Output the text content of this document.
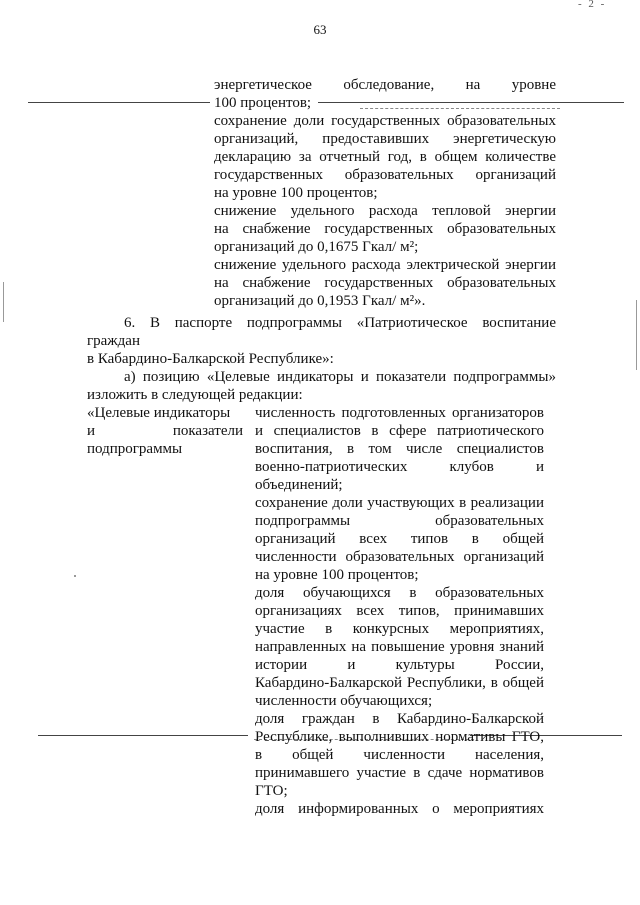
63
- 2 -
энергетическое обследование, на уровне
100 процентов;
сохранение доли государственных образовательных
организаций, предоставивших энергетическую
декларацию за отчетный год, в общем количестве
государственных образовательных организаций
на уровне 100 процентов;
снижение удельного расхода тепловой энергии
на снабжение государственных образовательных
организаций до 0,1675 Гкал/ м²;
снижение удельного расхода электрической энергии
на снабжение государственных образовательных
организаций до 0,1953 Гкал/ м²».
6. В паспорте подпрограммы «Патриотическое воспитание
граждан
в Кабардино-Балкарской Республике»:
а) позицию «Целевые индикаторы и показатели подпрограммы»
изложить в следующей редакции:
«Целевые индикаторы
и показатели
подпрограммы
численность подготовленных организаторов
и специалистов в сфере патриотического
воспитания, в том числе специалистов
военно-патриотических клубов и
объединений;
сохранение доли участвующих в реализации
подпрограммы образовательных
организаций всех типов в общей
численности образовательных организаций
на уровне 100 процентов;
доля обучающихся в образовательных
организациях всех типов, принимавших
участие в конкурсных мероприятиях,
направленных на повышение уровня знаний
истории и культуры России,
Кабардино-Балкарской Республики, в общей
численности обучающихся;
доля граждан в Кабардино-Балкарской
Республике, выполнивших нормативы ГТО,
в общей численности населения,
принимавшего участие в сдаче нормативов
ГТО;
доля информированных о мероприятиях
